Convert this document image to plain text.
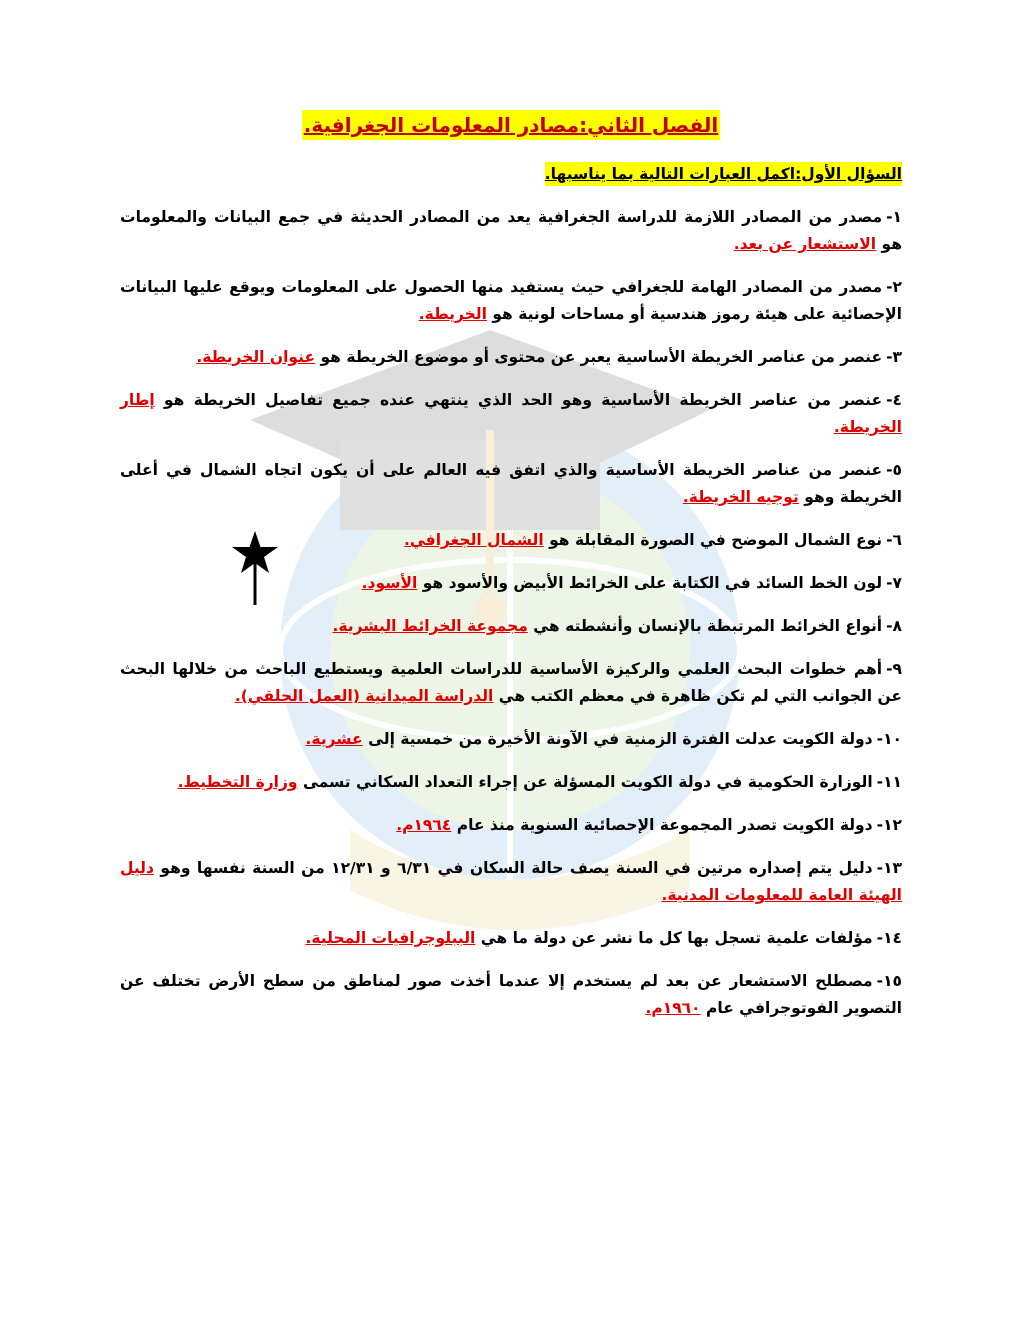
الفصل الثاني:مصادر المعلومات الجغرافية.
السؤال الأول:اكمل العبارات التالية بما يناسبها.
١-مصدر من المصادر اللازمة للدراسة الجغرافية يعد من المصادر الحديثة في جمع البيانات والمعلومات هو الاستشعار عن بعد.
٢-مصدر من المصادر الهامة للجغرافي حيث يستفيد منها الحصول على المعلومات ويوقع عليها البيانات الإحصائية على هيئة رموز هندسية أو مساحات لونية هو الخريطة.
٣-عنصر من عناصر الخريطة الأساسية يعبر عن محتوى أو موضوع الخريطة هو عنوان الخريطة.
٤-عنصر من عناصر الخريطة الأساسية وهو الحد الذي ينتهي عنده جميع تفاصيل الخريطة هو إطار الخريطة.
٥-عنصر من عناصر الخريطة الأساسية والذي اتفق فيه العالم على أن يكون اتجاه الشمال في أعلى الخريطة وهو توجيه الخريطة.
٦-نوع الشمال الموضح في الصورة المقابلة هو الشمال الجغرافي.
٧-لون الخط السائد في الكتابة على الخرائط الأبيض والأسود هو الأسود.
٨-أنواع الخرائط المرتبطة بالإنسان وأنشطته هي مجموعة الخرائط البشرية.
٩-أهم خطوات البحث العلمي والركيزة الأساسية للدراسات العلمية ويستطيع الباحث من خلالها البحث عن الجوانب التي لم تكن ظاهرة في معظم الكتب هي الدراسة الميدانية (العمل الحلقي).
١٠-دولة الكويت عدلت الفترة الزمنية في الآونة الأخيرة من خمسية إلى عشرية.
١١-الوزارة الحكومية في دولة الكويت المسؤلة عن إجراء التعداد السكاني تسمى وزارة التخطيط.
١٢-دولة الكويت تصدر المجموعة الإحصائية السنوية منذ عام ١٩٦٤م.
١٣-دليل يتم إصداره مرتين في السنة يصف حالة السكان في ٦/٣١ و ١٢/٣١ من السنة نفسها وهو دليل الهيئة العامة للمعلومات المدنية.
١٤-مؤلفات علمية تسجل بها كل ما نشر عن دولة ما هي الببلوجرافيات المحلية.
١٥-مصطلح الاستشعار عن بعد لم يستخدم إلا عندما أخذت صور لمناطق من سطح الأرض تختلف عن التصوير الفوتوجرافي عام ١٩٦٠م.
